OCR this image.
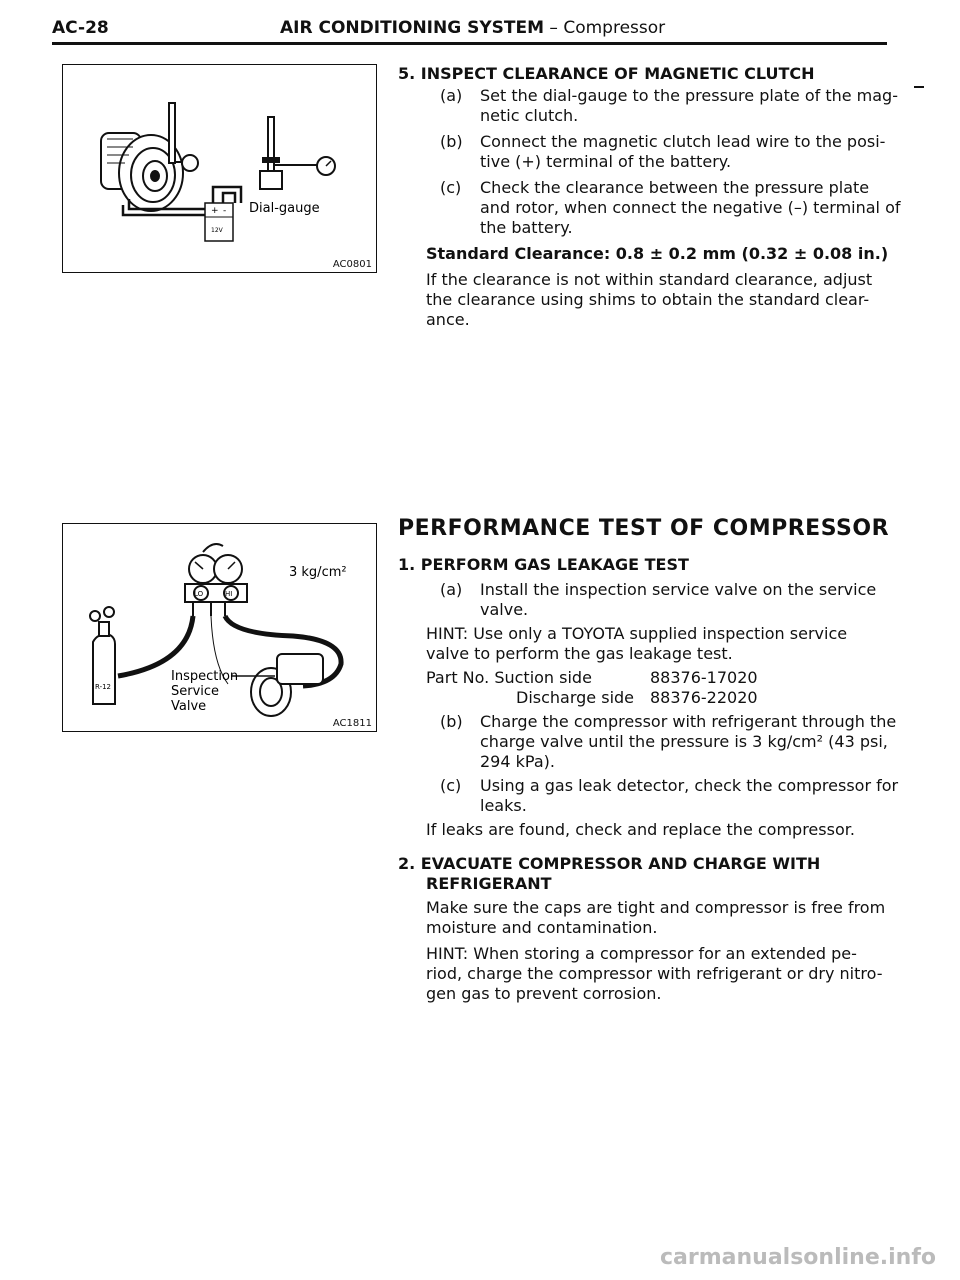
AC-28	AIR CONDITIONING SYSTEM – Compressor
+ -
12V
Dial-gauge
AC0801
3 kg/cm²
LO	HI
R-12
Inspection
Service
Valve
AC1811
5. INSPECT CLEARANCE OF MAGNETIC CLUTCH
(a) Set the dial-gauge to the pressure plate of the mag-
netic clutch.
(b) Connect the magnetic clutch lead wire to the posi-
tive (+) terminal of the battery.
(c) Check the clearance between the pressure plate
and rotor, when connect the negative (–) terminal of
the battery.
Standard Clearance: 0.8 ± 0.2 mm (0.32 ± 0.08 in.)
If the clearance is not within standard clearance, adjust
the clearance using shims to obtain the standard clear-
ance.
PERFORMANCE TEST OF COMPRESSOR
1. PERFORM GAS LEAKAGE TEST
(a) Install the inspection service valve on the service
valve.
HINT: Use only a TOYOTA supplied inspection service
valve to perform the gas leakage test.
Part No. Suction side	88376-17020
Discharge side 88376-22020
(b) Charge the compressor with refrigerant through the
charge valve until the pressure is 3 kg/cm² (43 psi,
294 kPa).
(c) Using a gas leak detector, check the compressor for
leaks.
If leaks are found, check and replace the compressor.
2. EVACUATE COMPRESSOR AND CHARGE WITH
REFRIGERANT
Make sure the caps are tight and compressor is free from
moisture and contamination.
HINT: When storing a compressor for an extended pe-
riod, charge the compressor with refrigerant or dry nitro-
gen gas to prevent corrosion.
carmanualsonline.info
